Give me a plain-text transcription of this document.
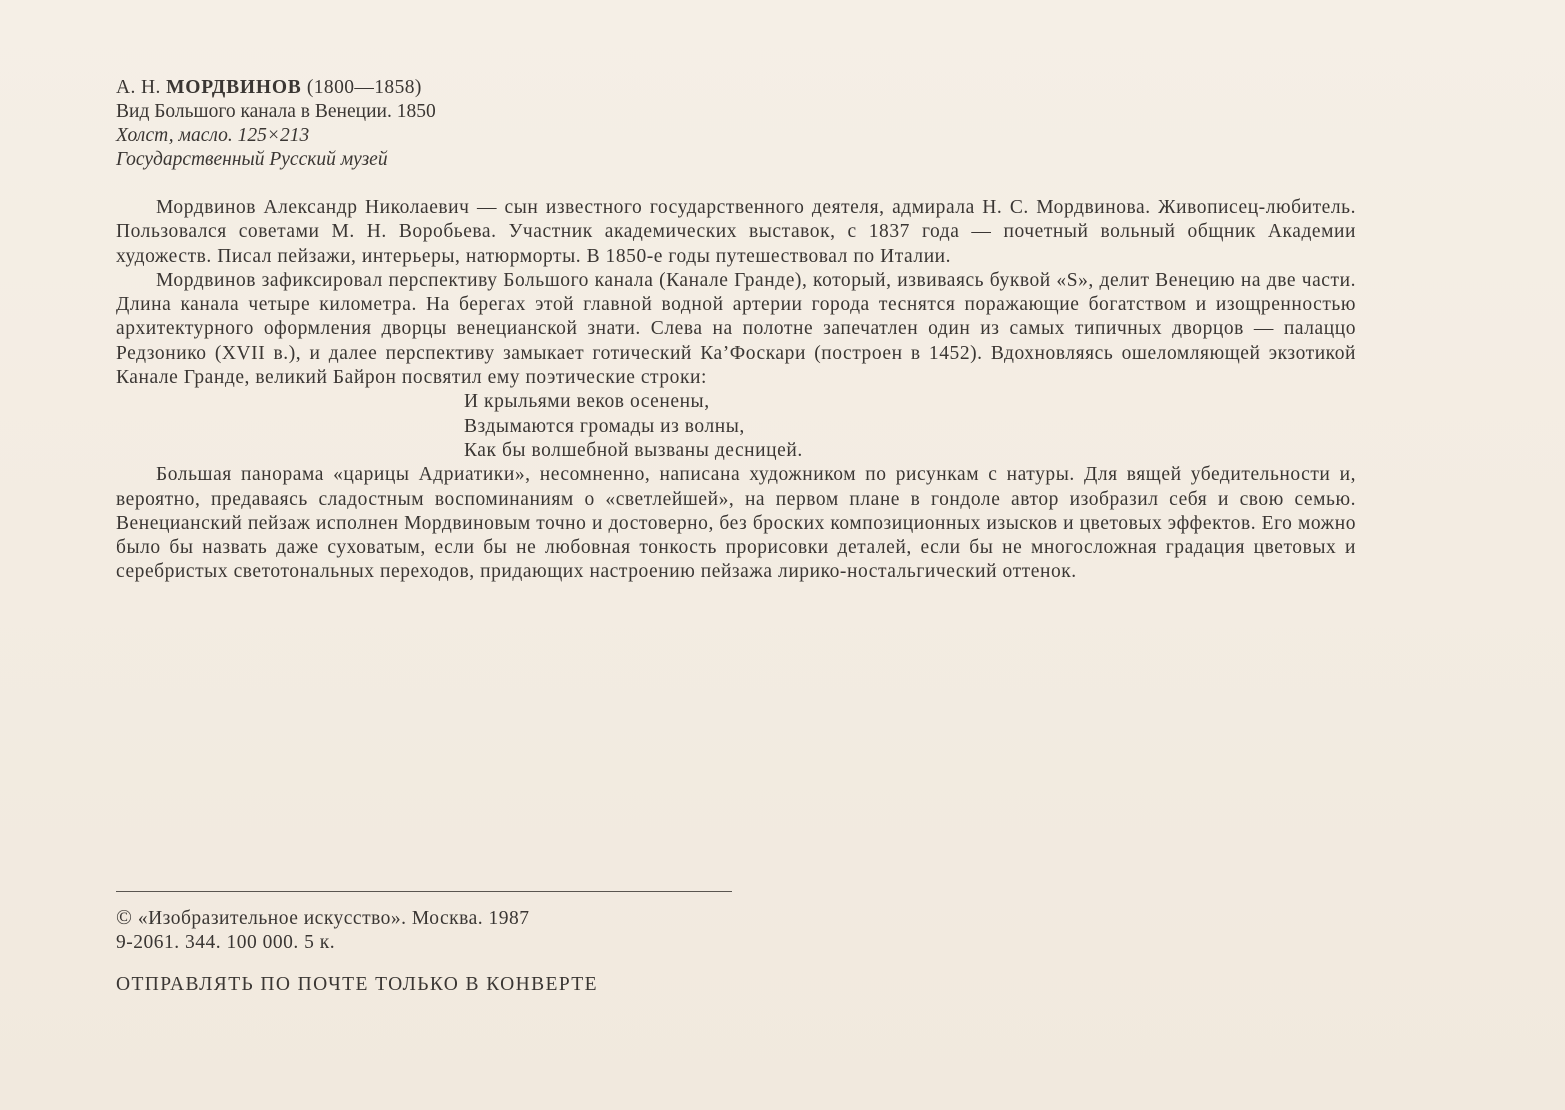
А. Н. МОРДВИНОВ (1800—1858)
Вид Большого канала в Венеции. 1850
Холст, масло. 125×213
Государственный Русский музей

Мордвинов Александр Николаевич — сын известного государственного деятеля, адмирала Н. С. Мордвинова. Живописец-любитель. Пользовался советами М. Н. Воробьева. Участник академических выставок, с 1837 года — почетный вольный общник Академии художеств. Писал пейзажи, интерьеры, натюрморты. В 1850-е годы путешествовал по Италии.

Мордвинов зафиксировал перспективу Большого канала (Канале Гранде), который, извиваясь буквой «S», делит Венецию на две части. Длина канала четыре километра. На берегах этой главной водной артерии города теснятся поражающие богатством и изощренностью архитектурного оформления дворцы венецианской знати. Слева на полотне запечатлен один из самых типичных дворцов — палаццо Редзонико (XVII в.), и далее перспективу замыкает готический Ка’Фоскари (построен в 1452). Вдохновляясь ошеломляющей экзотикой Канале Гранде, великий Байрон посвятил ему поэтические строки:

И крыльями веков осенены,
Вздымаются громады из волны,
Как бы волшебной вызваны десницей.

Большая панорама «царицы Адриатики», несомненно, написана художником по рисункам с натуры. Для вящей убедительности и, вероятно, предаваясь сладостным воспоминаниям о «светлейшей», на первом плане в гондоле автор изобразил себя и свою семью. Венецианский пейзаж исполнен Мордвиновым точно и достоверно, без броских композиционных изысков и цветовых эффектов. Его можно было бы назвать даже суховатым, если бы не любовная тонкость прорисовки деталей, если бы не многосложная градация цветовых и серебристых светотональных переходов, придающих настроению пейзажа лирико-ностальгический оттенок.

© «Изобразительное искусство». Москва. 1987
9-2061. 344. 100 000. 5 к.
ОТПРАВЛЯТЬ ПО ПОЧТЕ ТОЛЬКО В КОНВЕРТЕ
